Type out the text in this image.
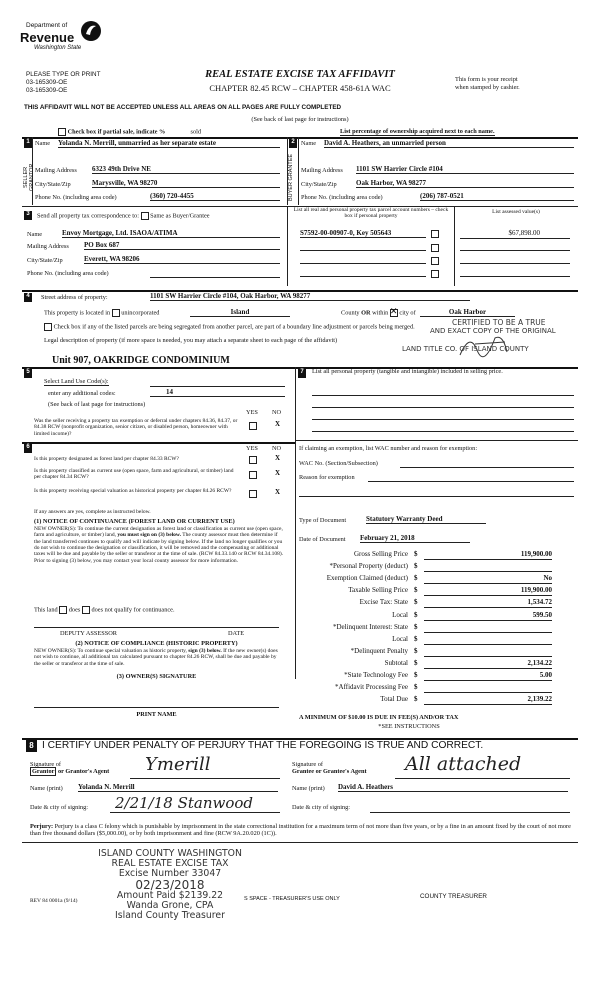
Department of
Revenue
Washington State
PLEASE TYPE OR PRINT
03-165309-OE
03-165309-OE
REAL ESTATE EXCISE TAX AFFIDAVIT
CHAPTER 82.45 RCW – CHAPTER 458-61A WAC
This form is your receipt
when stamped by cashier.
THIS AFFIDAVIT WILL NOT BE ACCEPTED UNLESS ALL AREAS ON ALL PAGES ARE FULLY COMPLETED
(See back of last page for instructions)
Check box if partial sale, indicate %	sold	List percentage of ownership acquired next to each name.
1
SELLER GRANTOR
Name Yolanda N. Merrill, unmarried as her separate estate
Mailing Address 6323 49th Drive NE
City/State/Zip	Marysville, WA 98270
Phone No. (including area code)	(360) 720-4455
2
BUYER GRANTEE
Name David A. Heathers, an unmarried person
Mailing Address 1101 SW Harrier Circle #104
City/State/Zip	Oak Harbor, WA 98277
Phone No. (including area code)	(206) 787-0521
3	Send all property tax correspondence to: Same as Buyer/Grantee
Name	Envoy Mortgage, Ltd. ISAOA/ATIMA
Mailing Address PO Box 687
City/State/Zip	Everett, WA 98206
Phone No. (including area code)
List all real and personal property tax parcel account numbers – check box if personal property
List assessed value(s)
S7592-00-00907-0, Key 505643	$67,898.00
4	Street address of property:	1101 SW Harrier Circle #104, Oak Harbor, WA 98277
This property is located in unincorporated	Island	County OR within ✕ city of	Oak Harbor
Check box if any of the listed parcels are being segregated from another parcel, are part of a boundary line adjustment or parcels being merged.
Legal description of property (if more space is needed, you may attach a separate sheet to each page of the affidavit)
Unit 907, OAKRIDGE CONDOMINIUM
CERTIFIED TO BE A TRUE
AND EXACT COPY OF THE ORIGINAL
LAND TITLE CO. OF ISLAND COUNTY
5
Select Land Use Code(s):
enter any additional codes:	14
(See back of last page for instructions)
YES NO
Was the seller receiving a property tax exemption or deferral under chapters 84.36, 84.37, or 84.38 RCW (nonprofit organization, senior citizen, or disabled person, homeowner with limited income)?
X
7	List all personal property (tangible and intangible) included in selling price.
If claiming an exemption, list WAC number and reason for exemption:
WAC No. (Section/Subsection)
Reason for exemption
6	YES NO
Is this property designated as forest land per chapter 84.33 RCW?	X
Is this property classified as current use (open space, farm and agricultural, or timber) land per chapter 84.34 RCW?
X
Is this property receiving special valuation as historical property per chapter 84.26 RCW?	X
If any answers are yes, complete as instructed below.
(1) NOTICE OF CONTINUANCE (FOREST LAND OR CURRENT USE)
NEW OWNER(S): To continue the current designation as forest land or classification as current use (open space, farm and agriculture, or timber) land, you must sign on (3) below. The county assessor must then determine if the land transferred continues to qualify and will indicate by signing below. If the land no longer qualifies or you do not wish to continue the designation or classification, it will be removed and the compensating or additional taxes will be due and payable by the seller or transferor at the time of sale. (RCW 84.33.140 or RCW 84.34.108). Prior to signing (3) below, you may contact your local county assessor for more information.
This land does does not qualify for continuance.
DEPUTY ASSESSOR	DATE
(2) NOTICE OF COMPLIANCE (HISTORIC PROPERTY)
NEW OWNER(S): To continue special valuation as historic property, sign (3) below. If the new owner(s) does not wish to continue, all additional tax calculated pursuant to chapter 84.26 RCW, shall be due and payable by the seller or transferor at the time of sale.
(3) OWNER(S) SIGNATURE
PRINT NAME
Type of Document	Statutory Warranty Deed
Date of Document February 21, 2018
Gross Selling Price $	119,900.00
*Personal Property (deduct) $
Exemption Claimed (deduct) $	No
Taxable Selling Price $	119,900.00
Excise Tax: State $	1,534.72
Local $	599.50
*Delinquent Interest: State $
Local $
*Delinquent Penalty $
Subtotal $	2,134.22
*State Technology Fee $	5.00
*Affidavit Processing Fee $
Total Due $	2,139.22
A MINIMUM OF $10.00 IS DUE IN FEE(S) AND/OR TAX
*SEE INSTRUCTIONS
8 I CERTIFY UNDER PENALTY OF PERJURY THAT THE FOREGOING IS TRUE AND CORRECT.
Signature of
Grantor or Grantor's Agent Ymerill	Signature of
Grantee or Grantee's Agent All attached
Name (print) Yolanda N. Merrill	Name (print) David A. Heathers
Date & city of signing: 2/21/18 Stanwood	Date & city of signing:
Perjury: Perjury is a class C felony which is punishable by imprisonment in the state correctional institution for a maximum term of not more than five years, or by a fine in an amount fixed by the court of not more than five thousand dollars ($5,000.00), or by both imprisonment and fine (RCW 9A.20.020 (1C)).
ISLAND COUNTY WASHINGTON
REAL ESTATE EXCISE TAX
Excise Number 33047
02/23/2018
Amount Paid $2139.22
Wanda Grone, CPA
Island County Treasurer
REV 84 0001a (9/14)	S SPACE - TREASURER'S USE ONLY	COUNTY TREASURER
